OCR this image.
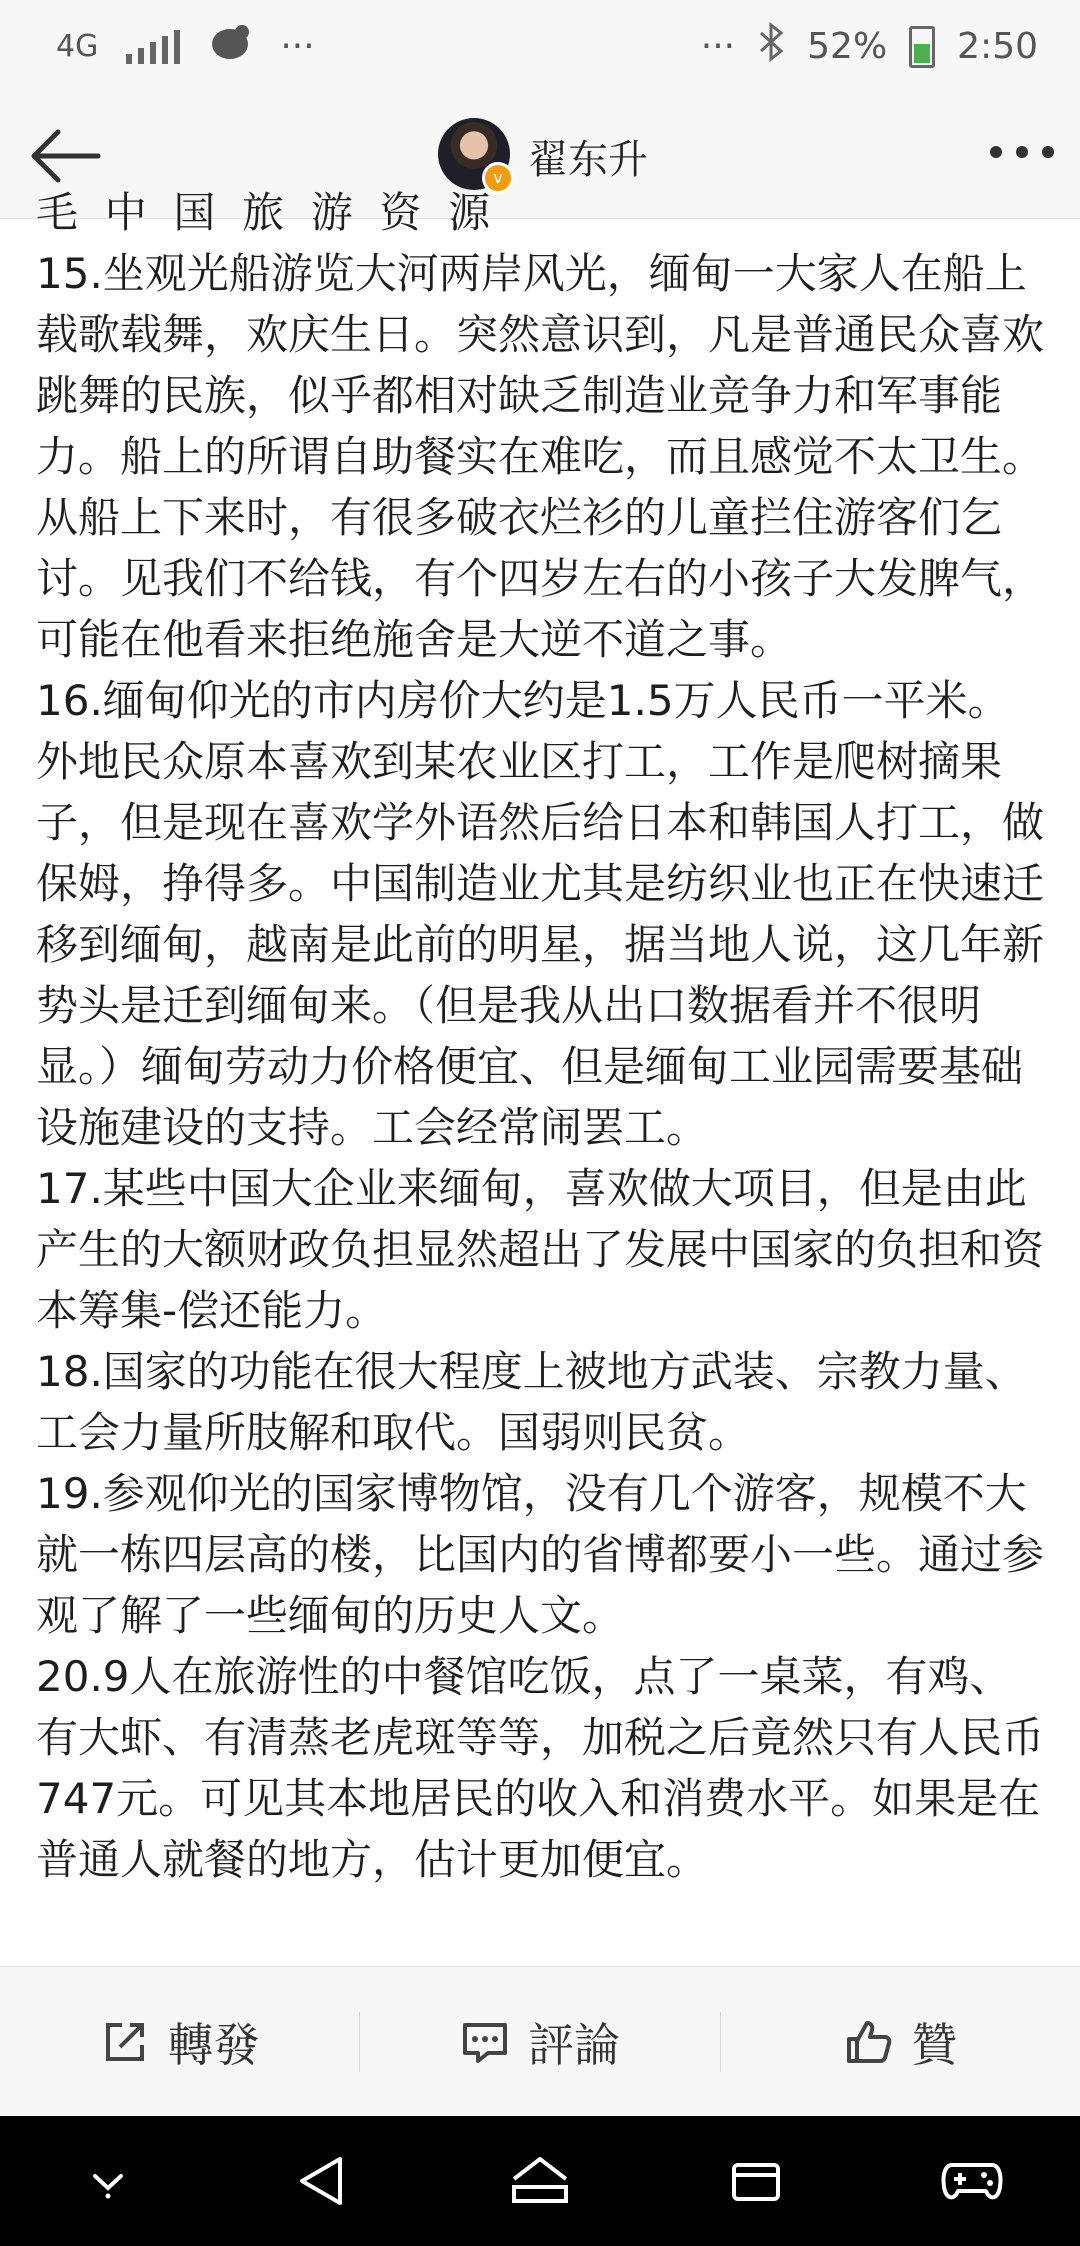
4G	···	··· 52% 2:50
v 翟东升
毛  中  国  旅  游  资  源
15.坐观光船游览大河两岸风光，缅甸一大家人在船上载歌载舞，欢庆生日。突然意识到，凡是普通民众喜欢跳舞的民族，似乎都相对缺乏制造业竞争力和军事能力。船上的所谓自助餐实在难吃，而且感觉不太卫生。从船上下来时，有很多破衣烂衫的儿童拦住游客们乞讨。见我们不给钱，有个四岁左右的小孩子大发脾气，可能在他看来拒绝施舍是大逆不道之事。
16.缅甸仰光的市内房价大约是1.5万人民币一平米。外地民众原本喜欢到某农业区打工，工作是爬树摘果子，但是现在喜欢学外语然后给日本和韩国人打工，做保姆，挣得多。中国制造业尤其是纺织业也正在快速迁移到缅甸，越南是此前的明星，据当地人说，这几年新势头是迁到缅甸来。（但是我从出口数据看并不很明显。）缅甸劳动力价格便宜、但是缅甸工业园需要基础设施建设的支持。工会经常闹罢工。
17.某些中国大企业来缅甸，喜欢做大项目，但是由此产生的大额财政负担显然超出了发展中国家的负担和资本筹集-偿还能力。
18.国家的功能在很大程度上被地方武装、宗教力量、工会力量所肢解和取代。国弱则民贫。
19.参观仰光的国家博物馆，没有几个游客，规模不大就一栋四层高的楼，比国内的省博都要小一些。通过参观了解了一些缅甸的历史人文。
20.9人在旅游性的中餐馆吃饭，点了一桌菜，有鸡、有大虾、有清蒸老虎斑等等，加税之后竟然只有人民币747元。可见其本地居民的收入和消费水平。如果是在普通人就餐的地方，估计更加便宜。
轉發	評論	贊
